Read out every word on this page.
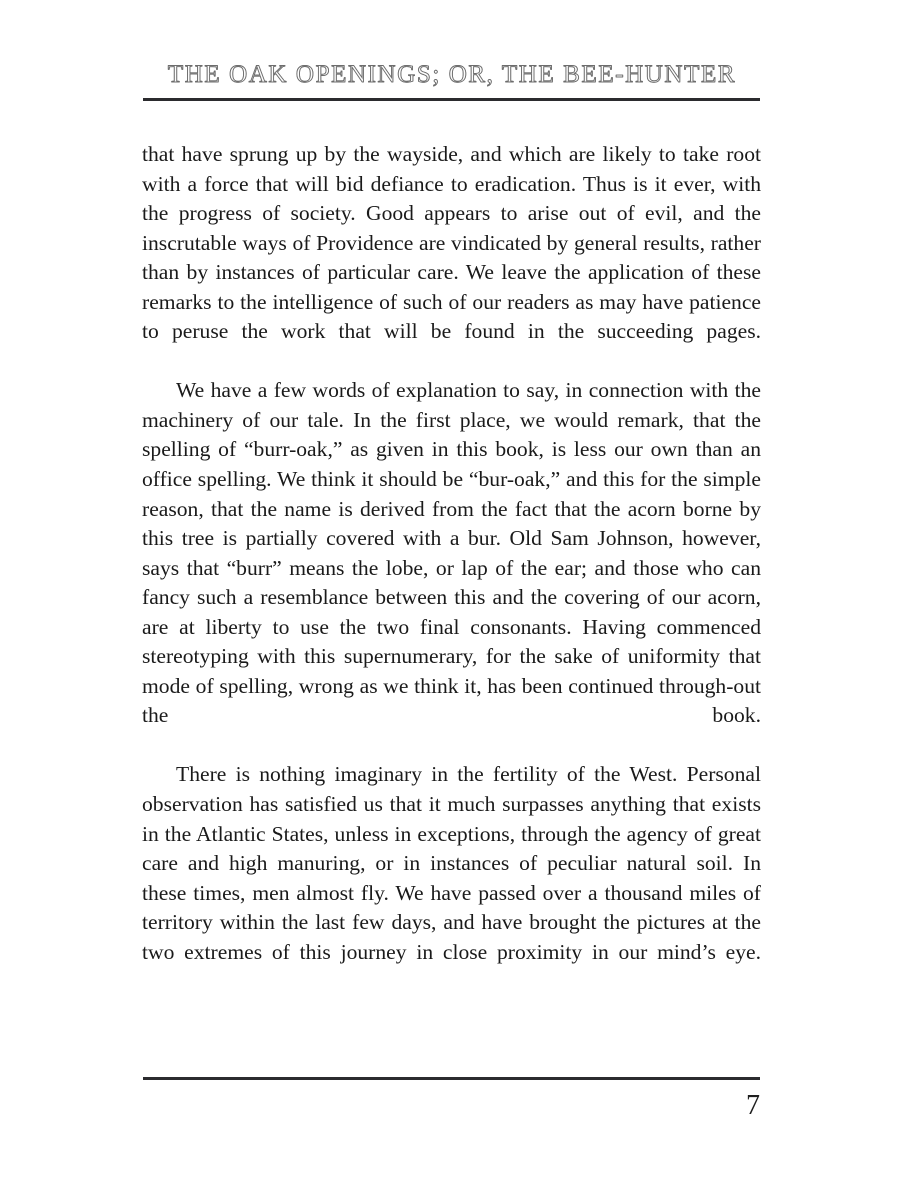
THE OAK OPENINGS; OR, THE BEE-HUNTER

that have sprung up by the wayside, and which are likely to take root with a force that will bid defiance to eradication. Thus is it ever, with the progress of society. Good appears to arise out of evil, and the inscrutable ways of Providence are vindicated by general results, rather than by instances of particular care. We leave the application of these remarks to the intelligence of such of our readers as may have patience to peruse the work that will be found in the succeeding pages.

We have a few words of explanation to say, in connection with the machinery of our tale. In the first place, we would remark, that the spelling of “burr-oak,” as given in this book, is less our own than an office spelling. We think it should be “bur-oak,” and this for the simple reason, that the name is derived from the fact that the acorn borne by this tree is partially covered with a bur. Old Sam Johnson, however, says that “burr” means the lobe, or lap of the ear; and those who can fancy such a resemblance between this and the covering of our acorn, are at liberty to use the two final consonants. Having commenced stereotyping with this supernumerary, for the sake of uniformity that mode of spelling, wrong as we think it, has been continued through-out the book.

There is nothing imaginary in the fertility of the West. Personal observation has satisfied us that it much surpasses anything that exists in the Atlantic States, unless in exceptions, through the agency of great care and high manuring, or in instances of peculiar natural soil. In these times, men almost fly. We have passed over a thousand miles of territory within the last few days, and have brought the pictures at the two extremes of this journey in close proximity in our mind’s eye.

7
